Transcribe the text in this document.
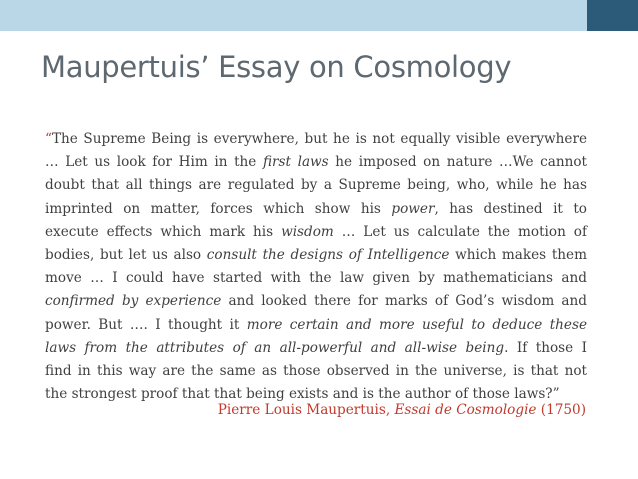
Maupertuis’ Essay on Cosmology
“The Supreme Being is everywhere, but he is not equally visible everywhere
… Let us look for Him in the first laws he imposed on nature …We cannot
doubt that all things are regulated by a Supreme being, who, while he has
imprinted on matter, forces which show his power, has destined it to
execute effects which mark his wisdom … Let us calculate the motion of
bodies, but let us also consult the designs of Intelligence which makes them
move … I could have started with the law given by mathematicians and
confirmed by experience and looked there for marks of God’s wisdom and
power. But …. I thought it more certain and more useful to deduce these
laws from the attributes of an all-powerful and all-wise being. If those I
find in this way are the same as those observed in the universe, is that not
the strongest proof that that being exists and is the author of those laws?”
Pierre Louis Maupertuis, Essai de Cosmologie (1750)
